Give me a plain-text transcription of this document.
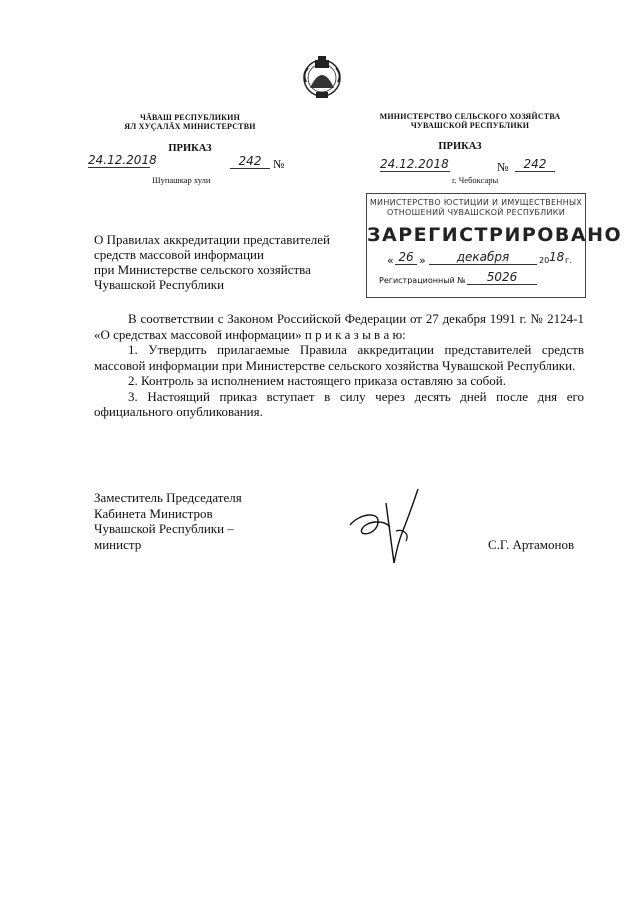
ЧĂВАШ РЕСПУБЛИКИН
ЯЛ ХУÇАЛĂХ МИНИСТЕРСТВИ
МИНИСТЕРСТВО СЕЛЬСКОГО ХОЗЯЙСТВА
ЧУВАШСКОЙ РЕСПУБЛИКИ
ПРИКАЗ
24.12.2018	242 №
Шупашкар хули
ПРИКАЗ
24.12.2018	№	242
г. Чебоксары
МИНИСТЕРСТВО ЮСТИЦИИ И ИМУЩЕСТВЕННЫХ
ОТНОШЕНИЙ ЧУВАШСКОЙ РЕСПУБЛИКИ
ЗАРЕГИСТРИРОВАНО
« 26 »	декабря	20 18 г.
Регистрационный №	5026
О Правилах аккредитации представителей
средств массовой информации
при Министерстве сельского хозяйства
Чувашской Республики

В соответствии с Законом Российской Федерации от 27 декабря 1991 г. № 2124-1 «О средствах массовой информации» п р и к а з ы в а ю:

1. Утвердить прилагаемые Правила аккредитации представителей средств массовой информации при Министерстве сельского хозяйства Чувашской Республики.

2. Контроль за исполнением настоящего приказа оставляю за собой.

3. Настоящий приказ вступает в силу через десять дней после дня его официального опубликования.

Заместитель Председателя
Кабинета Министров
Чувашской Республики –
министр	С.Г. Артамонов
